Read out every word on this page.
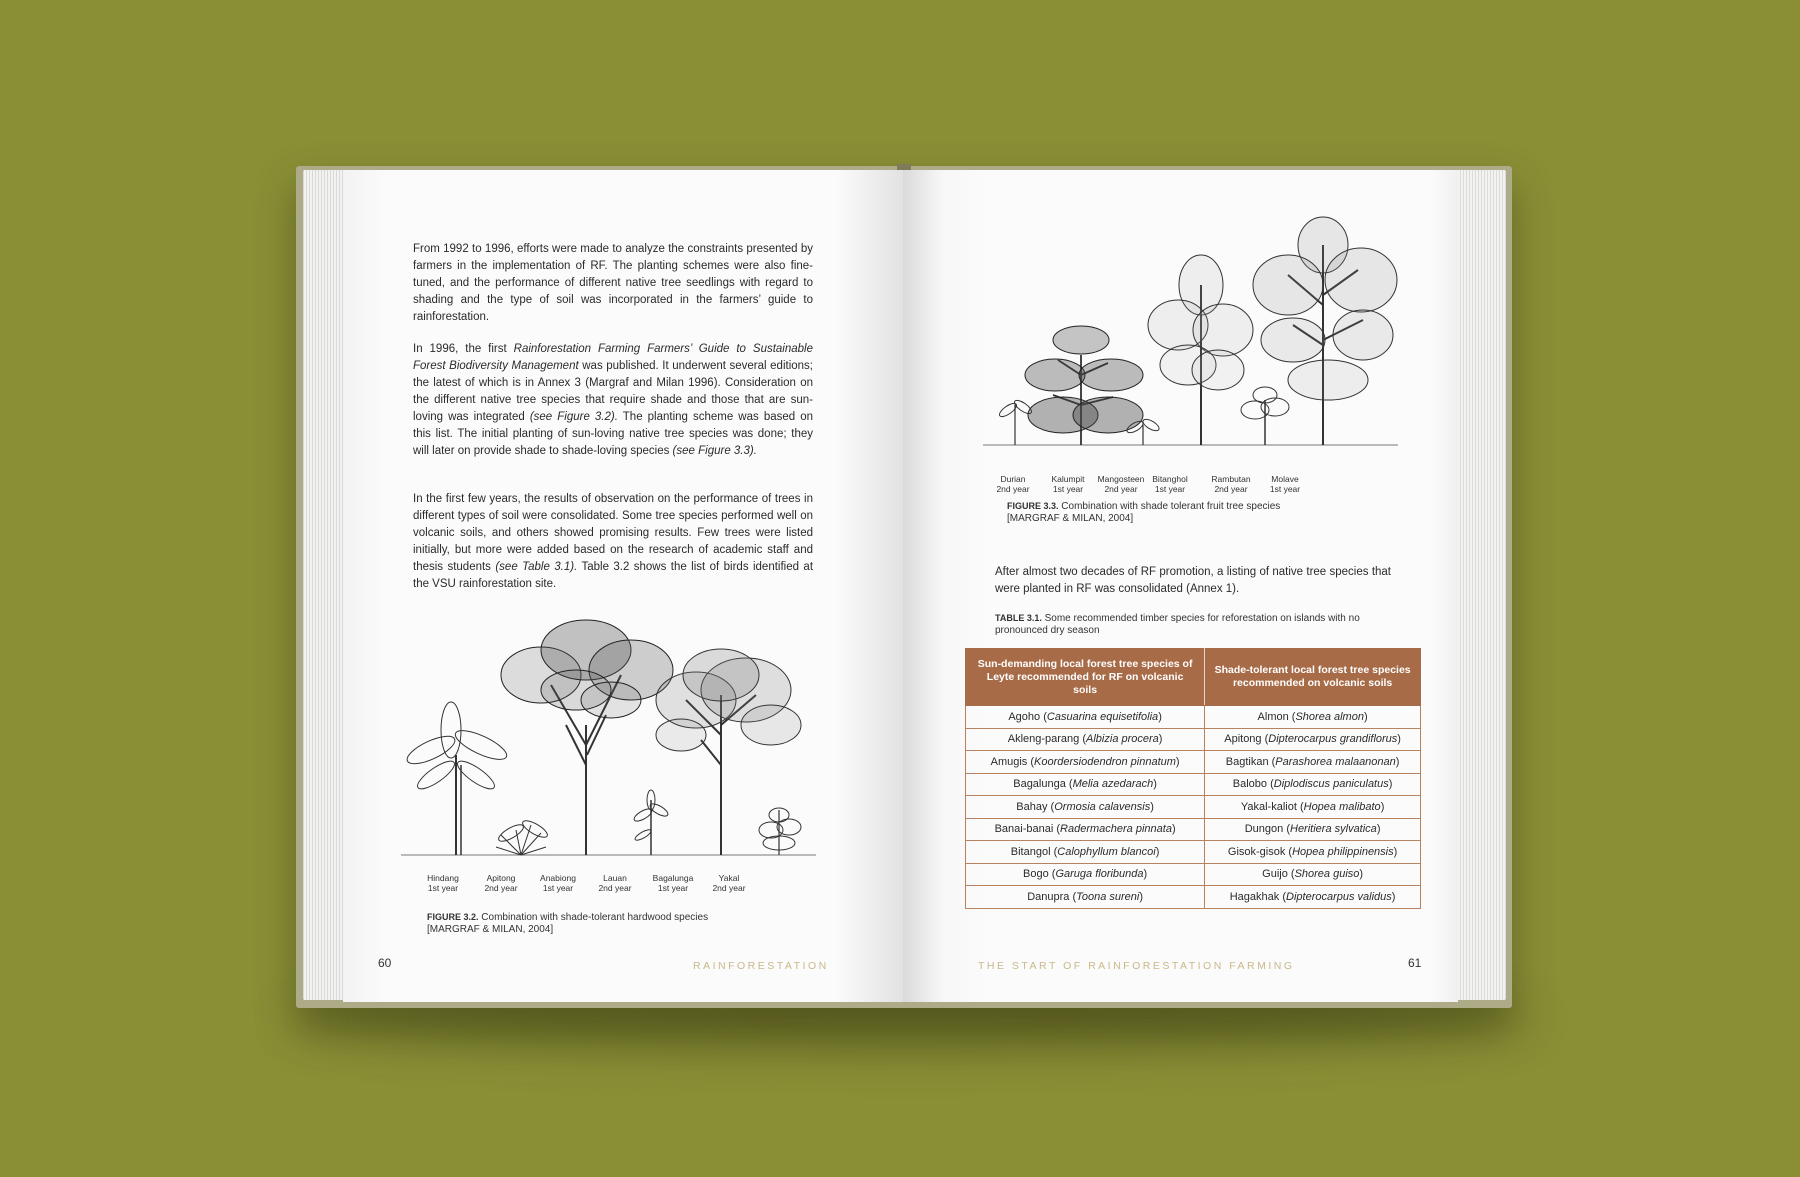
From 1992 to 1996, efforts were made to analyze the constraints presented by farmers in the implementation of RF. The planting schemes were also fine-tuned, and the performance of different native tree seedlings with regard to shading and the type of soil was incorporated in the farmers’ guide to rainforestation.

In 1996, the first Rainforestation Farming Farmers’ Guide to Sustainable Forest Biodiversity Management was published. It underwent several editions; the latest of which is in Annex 3 (Margraf and Milan 1996). Consideration on the different native tree species that require shade and those that are sun-loving was integrated (see Figure 3.2). The planting scheme was based on this list. The initial planting of sun-loving native tree species was done; they will later on provide shade to shade-loving species (see Figure 3.3).

In the first few years, the results of observation on the performance of trees in different types of soil were consolidated. Some tree species performed well on volcanic soils, and others showed promising results. Few trees were listed initially, but more were added based on the research of academic staff and thesis students (see Table 3.1). Table 3.2 shows the list of birds identified at the VSU rainforestation site.

Hindang
1st year
Apitong
2nd year
Anabiong
1st year
Lauan
2nd year
Bagalunga
1st year
Yakal
2nd year
FIGURE 3.2. Combination with shade-tolerant hardwood species
[MARGRAF & MILAN, 2004]
60	RAINFORESTATION
Durian
2nd year
Kalumpit
1st year
Mangosteen
2nd year
Bitanghol
1st year
Rambutan
2nd year
Molave
1st year
FIGURE 3.3. Combination with shade tolerant fruit tree species
[MARGRAF & MILAN, 2004]

After almost two decades of RF promotion, a listing of native tree species that were planted in RF was consolidated (Annex 1).

TABLE 3.1. Some recommended timber species for reforestation on islands with no pronounced dry season
Sun-demanding local forest tree species of Leyte recommended for RF on volcanic soils	Shade-tolerant local forest tree species recommended on volcanic soils
Agoho (Casuarina equisetifolia)	Almon (Shorea almon)
Akleng-parang (Albizia procera)	Apitong (Dipterocarpus grandiflorus)
Amugis (Koordersiodendron pinnatum)	Bagtikan (Parashorea malaanonan)
Bagalunga (Melia azedarach)	Balobo (Diplodiscus paniculatus)
Bahay (Ormosia calavensis)	Yakal-kaliot (Hopea malibato)
Banai-banai (Radermachera pinnata)	Dungon (Heritiera sylvatica)
Bitangol (Calophyllum blancoi)	Gisok-gisok (Hopea philippinensis)
Bogo (Garuga floribunda)	Guijo (Shorea guiso)
Danupra (Toona sureni)	Hagakhak (Dipterocarpus validus)
THE START OF RAINFORESTATION FARMING	61
